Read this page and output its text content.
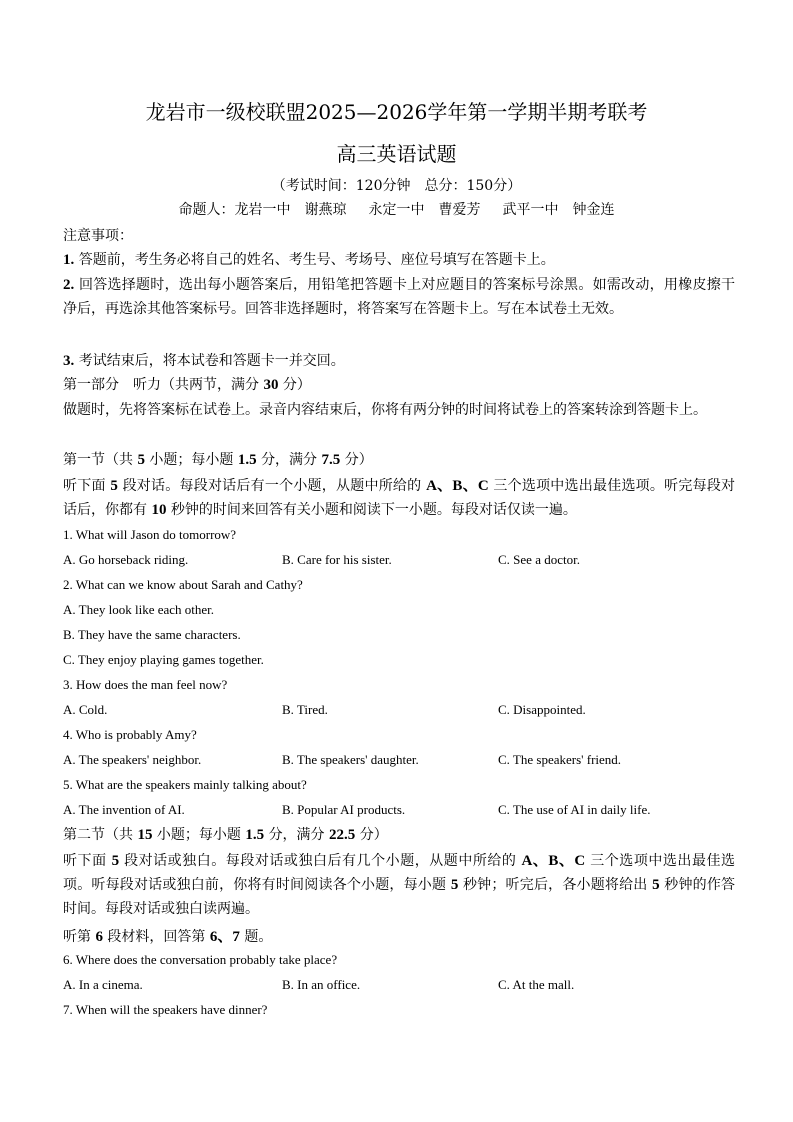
龙岩市一级校联盟2025—2026学年第一学期半期考联考
高三英语试题
（考试时间：120分钟　总分：150分）
命题人：龙岩一中　谢燕琼 永定一中　曹爱芳 武平一中　钟金连
注意事项：
1. 答题前，考生务必将自己的姓名、考生号、考场号、座位号填写在答题卡上。
2. 回答选择题时，选出每小题答案后，用铅笔把答题卡上对应题目的答案标号涂黑。如需改动，用橡皮擦干净后，再选涂其他答案标号。回答非选择题时，将答案写在答题卡上。写在本试卷土无效。
3. 考试结束后，将本试卷和答题卡一并交回。
第一部分　听力（共两节，满分 30 分）
做题时，先将答案标在试卷上。录音内容结束后，你将有两分钟的时间将试卷上的答案转涂到答题卡上。
第一节（共 5 小题；每小题 1.5 分，满分 7.5 分）
听下面 5 段对话。每段对话后有一个小题，从题中所给的 A、B、C 三个选项中选出最佳选项。听完每段对话后，你都有 10 秒钟的时间来回答有关小题和阅读下一小题。每段对话仅读一遍。
1. What will Jason do tomorrow?
A. Go horseback riding.	B. Care for his sister.	C. See a doctor.
2. What can we know about Sarah and Cathy?
A. They look like each other.
B. They have the same characters.
C. They enjoy playing games together.
3. How does the man feel now?
A. Cold.	B. Tired.	C. Disappointed.
4. Who is probably Amy?
A. The speakers' neighbor.	B. The speakers' daughter.	C. The speakers' friend.
5. What are the speakers mainly talking about?
A. The invention of AI.	B. Popular AI products.	C. The use of AI in daily life.
第二节（共 15 小题；每小题 1.5 分，满分 22.5 分）
听下面 5 段对话或独白。每段对话或独白后有几个小题，从题中所给的 A、B、C 三个选项中选出最佳选项。听每段对话或独白前，你将有时间阅读各个小题，每小题 5 秒钟；听完后，各小题将给出 5 秒钟的作答时间。每段对话或独白读两遍。
听第 6 段材料，回答第 6、7 题。
6. Where does the conversation probably take place?
A. In a cinema.	B. In an office.	C. At the mall.
7. When will the speakers have dinner?
